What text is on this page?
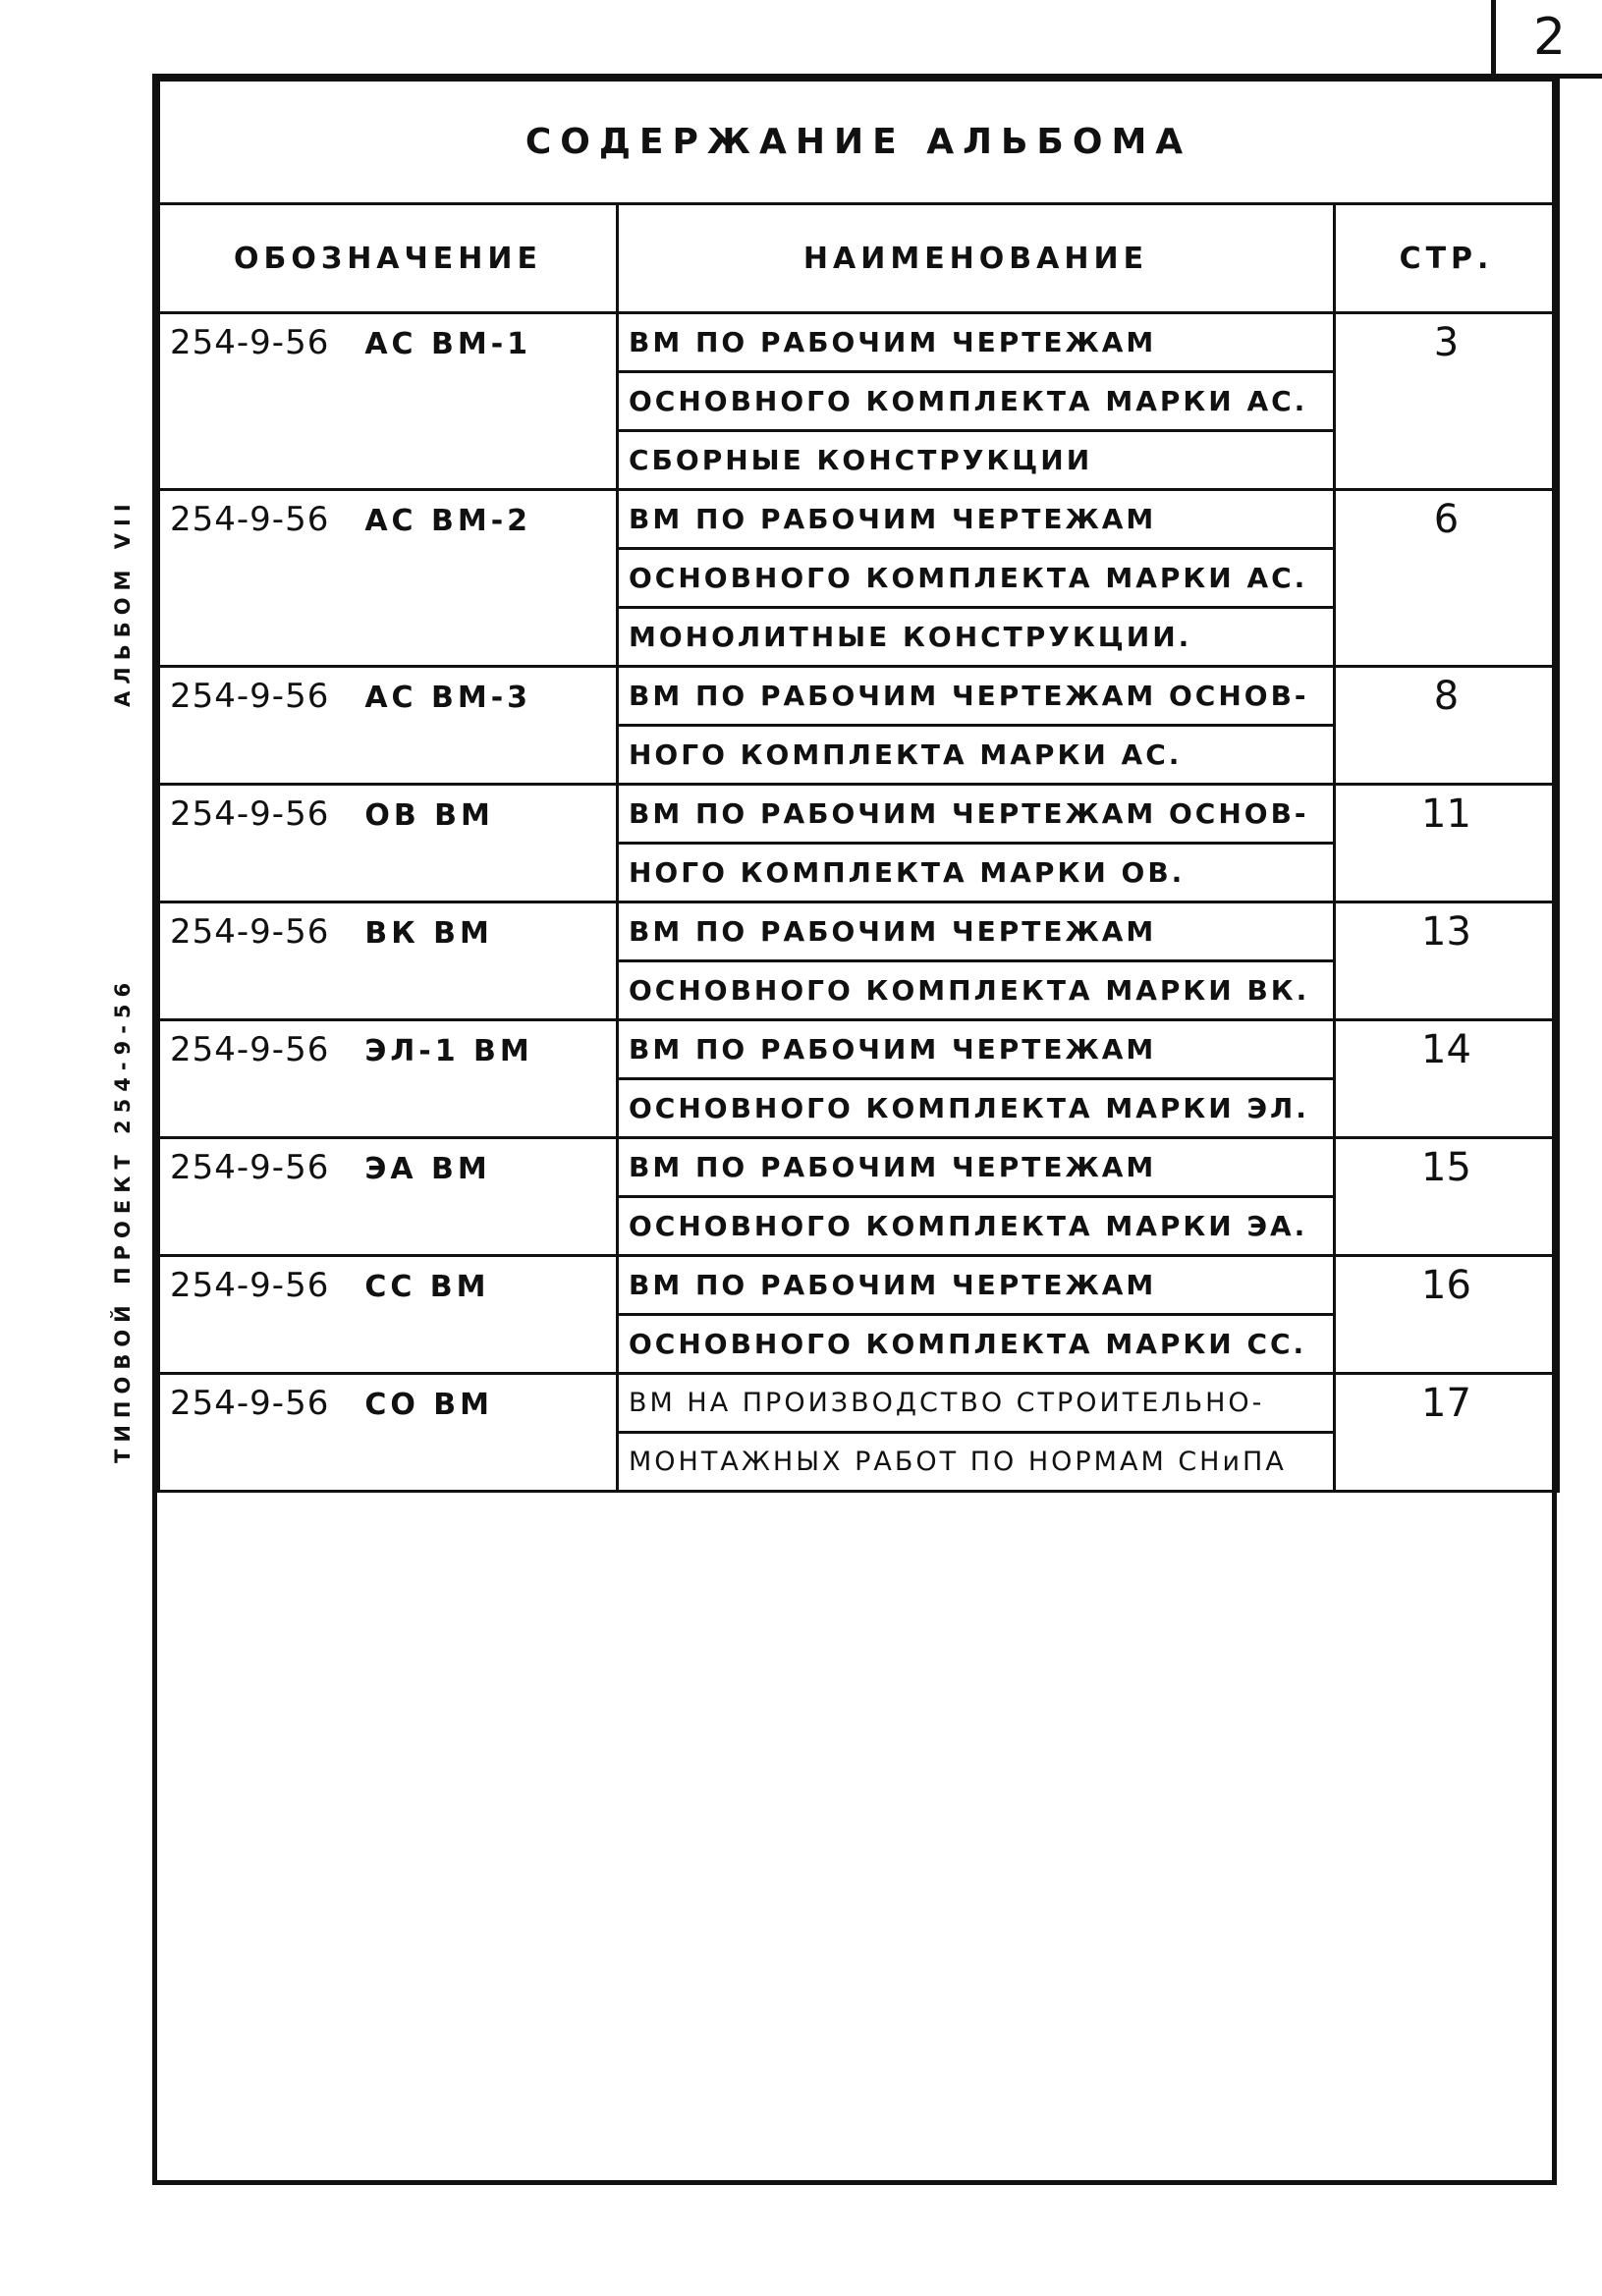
2
АЛЬБОМ VII
ТИПОВОЙ ПРОЕКТ 254-9-56
СОДЕРЖАНИЕ АЛЬБОМА		
ОБОЗНАЧЕНИЕ	НАИМЕНОВАНИЕ	СТР.
254-9-56 АС ВМ-1	ВМ ПО РАБОЧИМ ЧЕРТЕЖАМ	3
	ОСНОВНОГО КОМПЛЕКТА МАРКИ АС.	
	СБОРНЫЕ КОНСТРУКЦИИ	
254-9-56 АС ВМ-2	ВМ ПО РАБОЧИМ ЧЕРТЕЖАМ	6
	ОСНОВНОГО КОМПЛЕКТА МАРКИ АС.	
	МОНОЛИТНЫЕ КОНСТРУКЦИИ.	
254-9-56 АС ВМ-3	ВМ ПО РАБОЧИМ ЧЕРТЕЖАМ ОСНОВ-	8
	НОГО КОМПЛЕКТА МАРКИ АС.	
254-9-56 ОВ ВМ	ВМ ПО РАБОЧИМ ЧЕРТЕЖАМ ОСНОВ-	11
	НОГО КОМПЛЕКТА МАРКИ ОВ.	
254-9-56 ВК ВМ	ВМ ПО РАБОЧИМ ЧЕРТЕЖАМ	13
	ОСНОВНОГО КОМПЛЕКТА МАРКИ ВК.	
254-9-56 ЭЛ-1 ВМ	ВМ ПО РАБОЧИМ ЧЕРТЕЖАМ	14
	ОСНОВНОГО КОМПЛЕКТА МАРКИ ЭЛ.	
254-9-56 ЭА ВМ	ВМ ПО РАБОЧИМ ЧЕРТЕЖАМ	15
	ОСНОВНОГО КОМПЛЕКТА МАРКИ ЭА.	
254-9-56 СС ВМ	ВМ ПО РАБОЧИМ ЧЕРТЕЖАМ	16
	ОСНОВНОГО КОМПЛЕКТА МАРКИ СС.	
254-9-56 СО ВМ	ВМ НА ПРОИЗВОДСТВО СТРОИТЕЛЬНО-	17
	МОНТАЖНЫХ РАБОТ ПО НОРМАМ СНиПА	
